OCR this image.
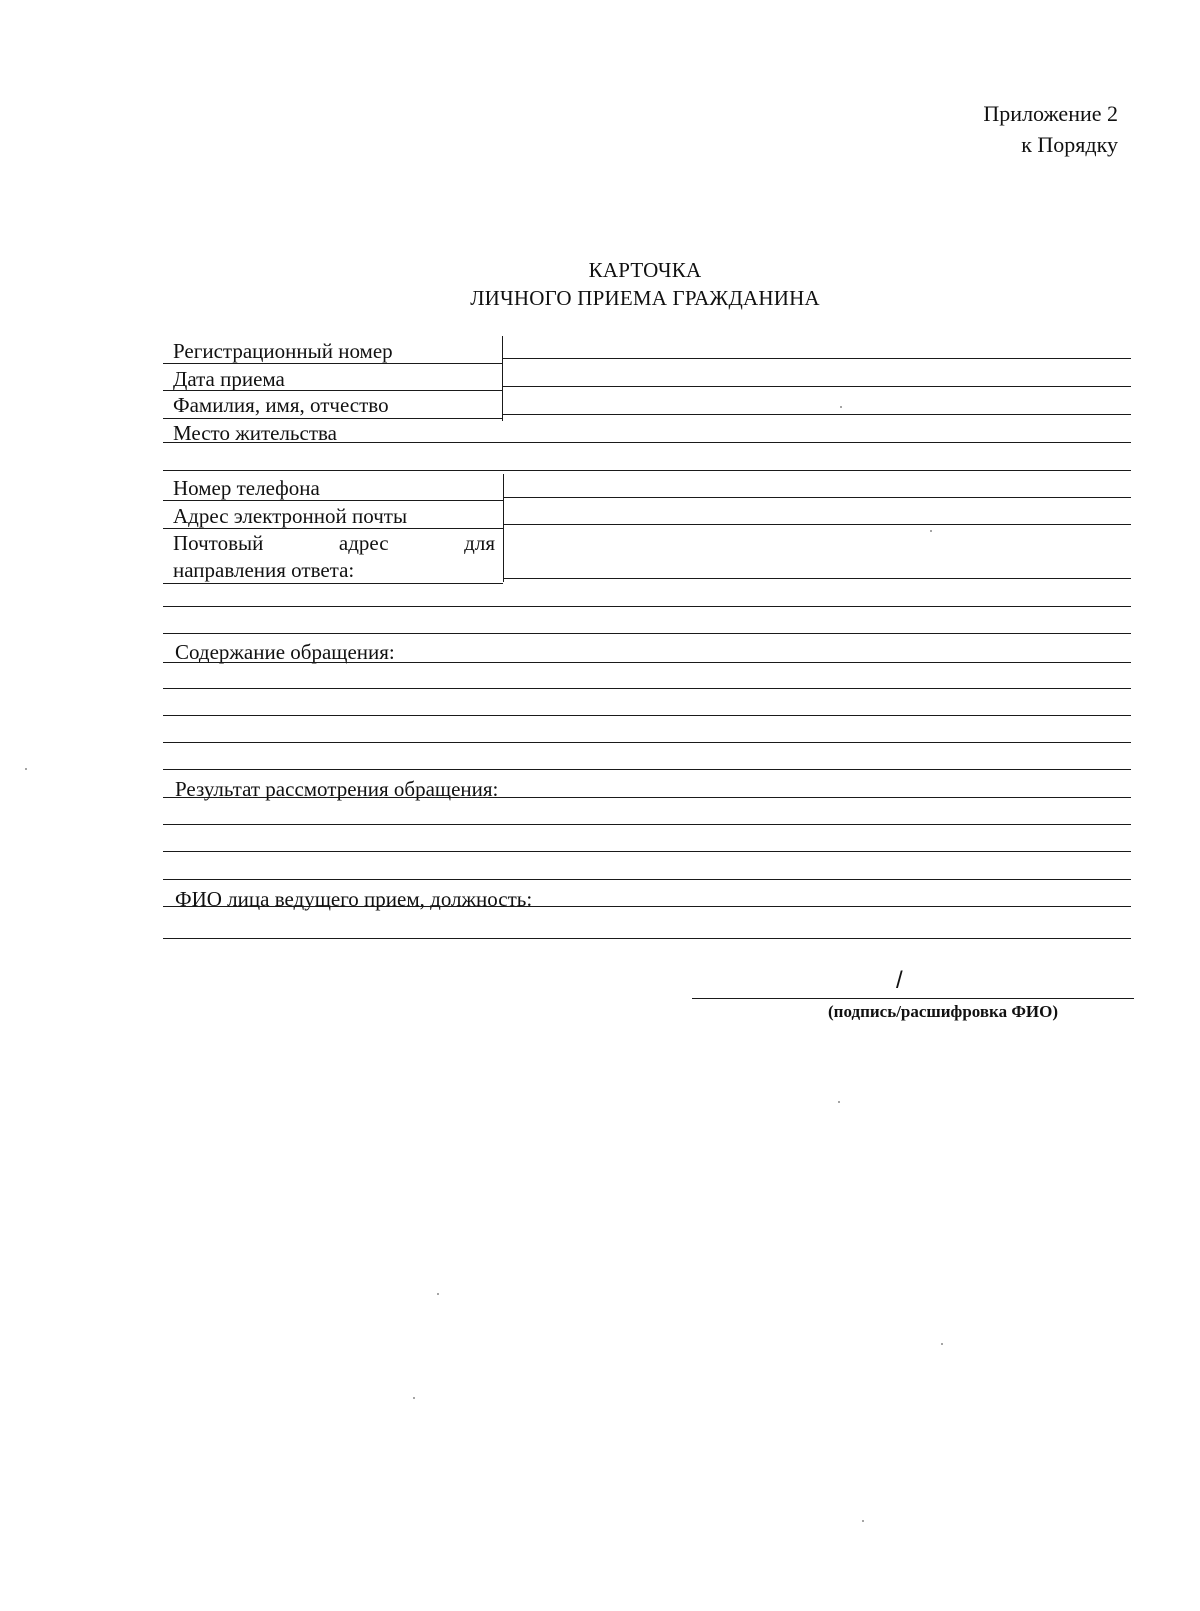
Приложение 2
к Порядку
КАРТОЧКА
ЛИЧНОГО ПРИЕМА ГРАЖДАНИНА
Регистрационный номер
Дата приема
Фамилия, имя, отчество
Место жительства
Номер телефона
Адрес электронной почты
Почтовый	адрес	для
направления ответа:
Содержание обращения:
Результат рассмотрения обращения:
ФИО лица ведущего прием, должность:
/
(подпись/расшифровка ФИО)
